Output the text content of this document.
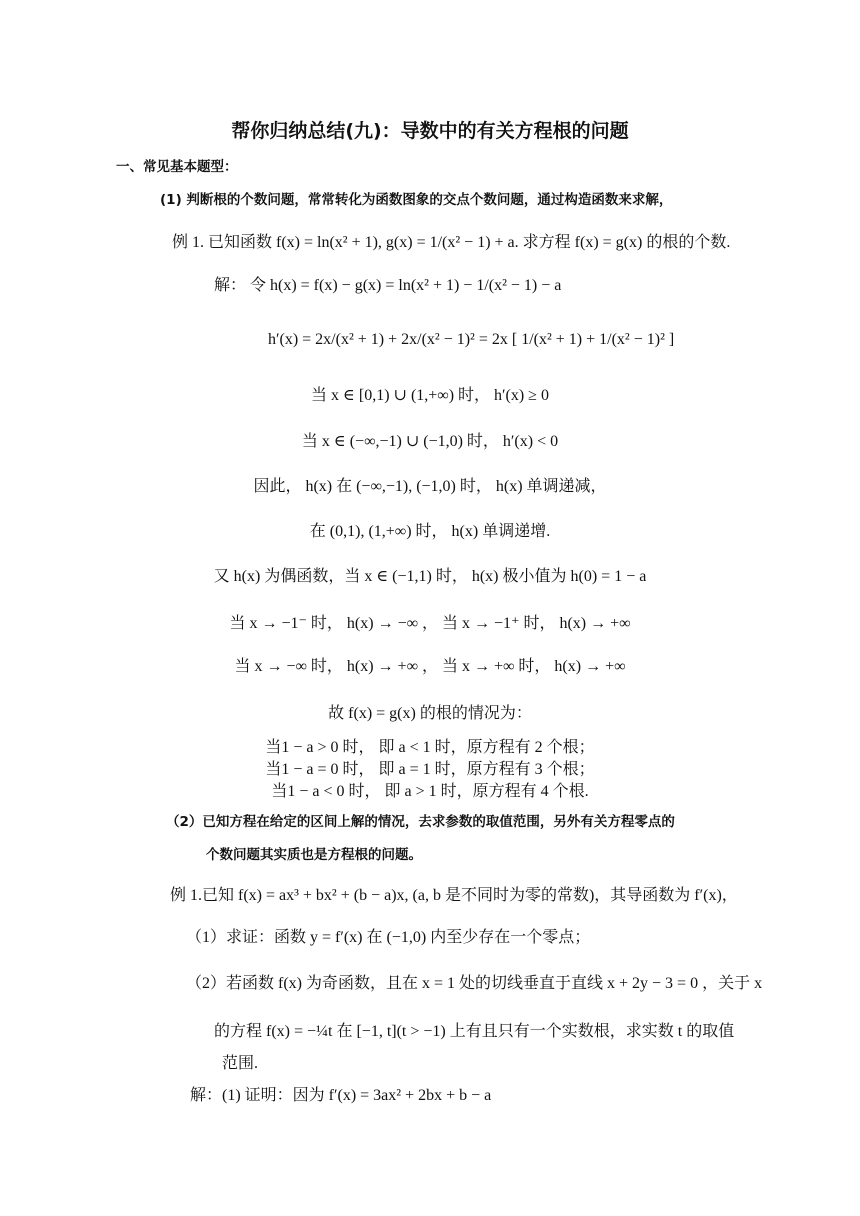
帮你归纳总结(九)：导数中的有关方程根的问题
一、常见基本题型：
(1) 判断根的个数问题，常常转化为函数图象的交点个数问题，通过构造函数来求解，
例 1. 已知函数 f(x) = ln(x² + 1), g(x) = 1/(x² − 1) + a. 求方程 f(x) = g(x) 的根的个数.
解： 令 h(x) = f(x) − g(x) = ln(x² + 1) − 1/(x² − 1) − a
h′(x) = 2x/(x² + 1) + 2x/(x² − 1)² = 2x [ 1/(x² + 1) + 1/(x² − 1)² ]
当 x ∈ [0,1) ∪ (1,+∞) 时， h′(x) ≥ 0
当 x ∈ (−∞,−1) ∪ (−1,0) 时， h′(x) < 0
因此， h(x) 在 (−∞,−1), (−1,0) 时， h(x) 单调递减，
在 (0,1), (1,+∞) 时， h(x) 单调递增.
又 h(x) 为偶函数，当 x ∈ (−1,1) 时， h(x) 极小值为 h(0) = 1 − a
当 x → −1⁻ 时， h(x) → −∞ ， 当 x → −1⁺ 时， h(x) → +∞
当 x → −∞ 时， h(x) → +∞ ， 当 x → +∞ 时， h(x) → +∞
故 f(x) = g(x) 的根的情况为：
当1 − a > 0 时， 即 a < 1 时，原方程有 2 个根；
当1 − a = 0 时， 即 a = 1 时，原方程有 3 个根；
当1 − a < 0 时， 即 a > 1 时，原方程有 4 个根.
（2）已知方程在给定的区间上解的情况，去求参数的取值范围，另外有关方程零点的
个数问题其实质也是方程根的问题。
例 1.已知 f(x) = ax³ + bx² + (b − a)x, (a, b 是不同时为零的常数)，其导函数为 f′(x)，
（1）求证：函数 y = f′(x) 在 (−1,0) 内至少存在一个零点；
（2）若函数 f(x) 为奇函数，且在 x = 1 处的切线垂直于直线 x + 2y − 3 = 0 ，关于 x
的方程 f(x) = −¼t 在 [−1, t](t > −1) 上有且只有一个实数根，求实数 t 的取值
范围.
解：(1) 证明：因为 f′(x) = 3ax² + 2bx + b − a
